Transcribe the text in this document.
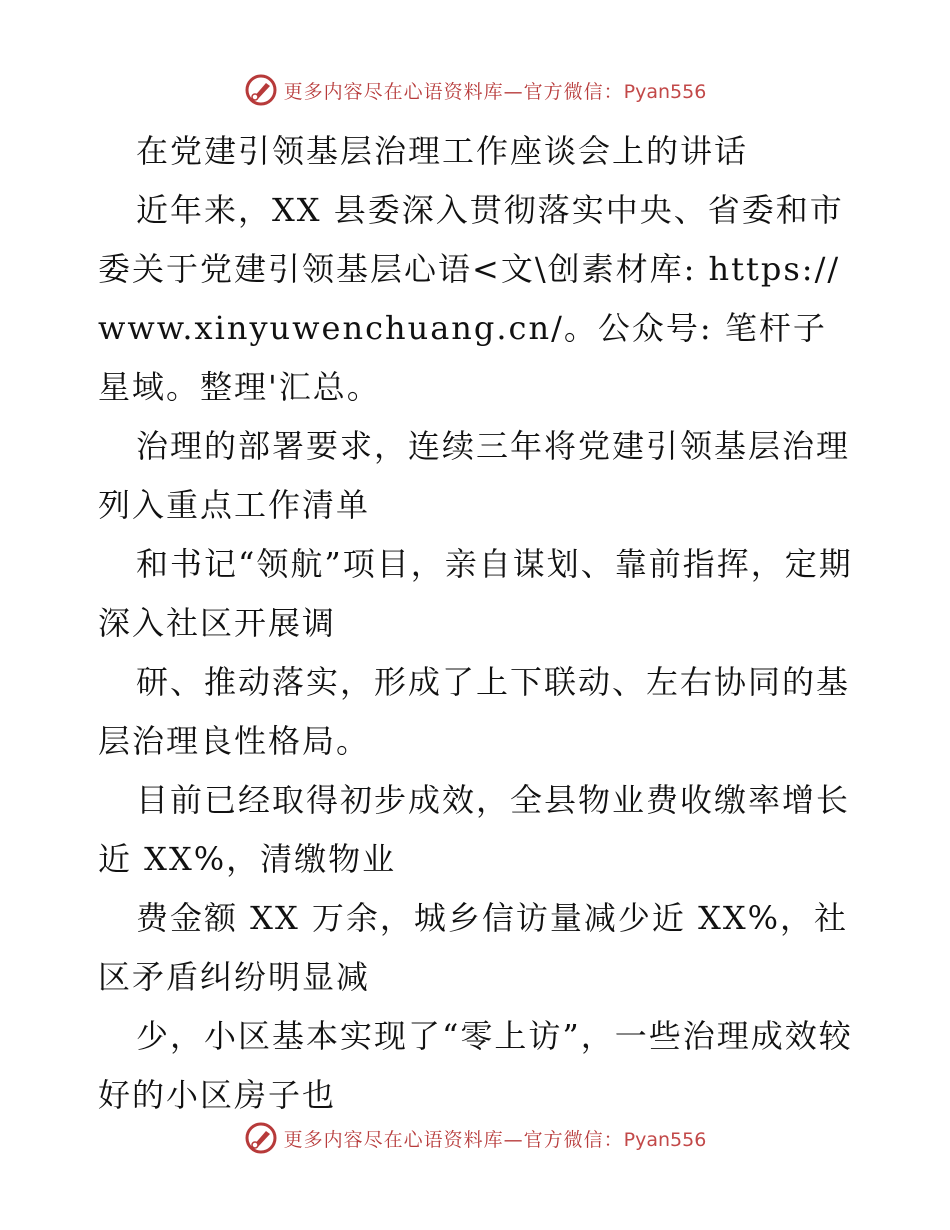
更多内容尽在心语资料库—官方微信：Pyan556

在党建引领基层治理工作座谈会上的讲话

近年来，XX 县委深入贯彻落实中央、省委和市委关于党建引领基层心语<文\创素材库: https://www.xinyuwenchuang.cn/。公众号: 笔杆子星域。整理'汇总。

治理的部署要求，连续三年将党建引领基层治理列入重点工作清单

和书记“领航”项目，亲自谋划、靠前指挥，定期深入社区开展调

研、推动落实，形成了上下联动、左右协同的基层治理良性格局。

目前已经取得初步成效，全县物业费收缴率增长近 XX%，清缴物业

费金额 XX 万余，城乡信访量减少近 XX%，社区矛盾纠纷明显减

少，小区基本实现了“零上访”，一些治理成效较好的小区房子也

更多内容尽在心语资料库—官方微信：Pyan556
